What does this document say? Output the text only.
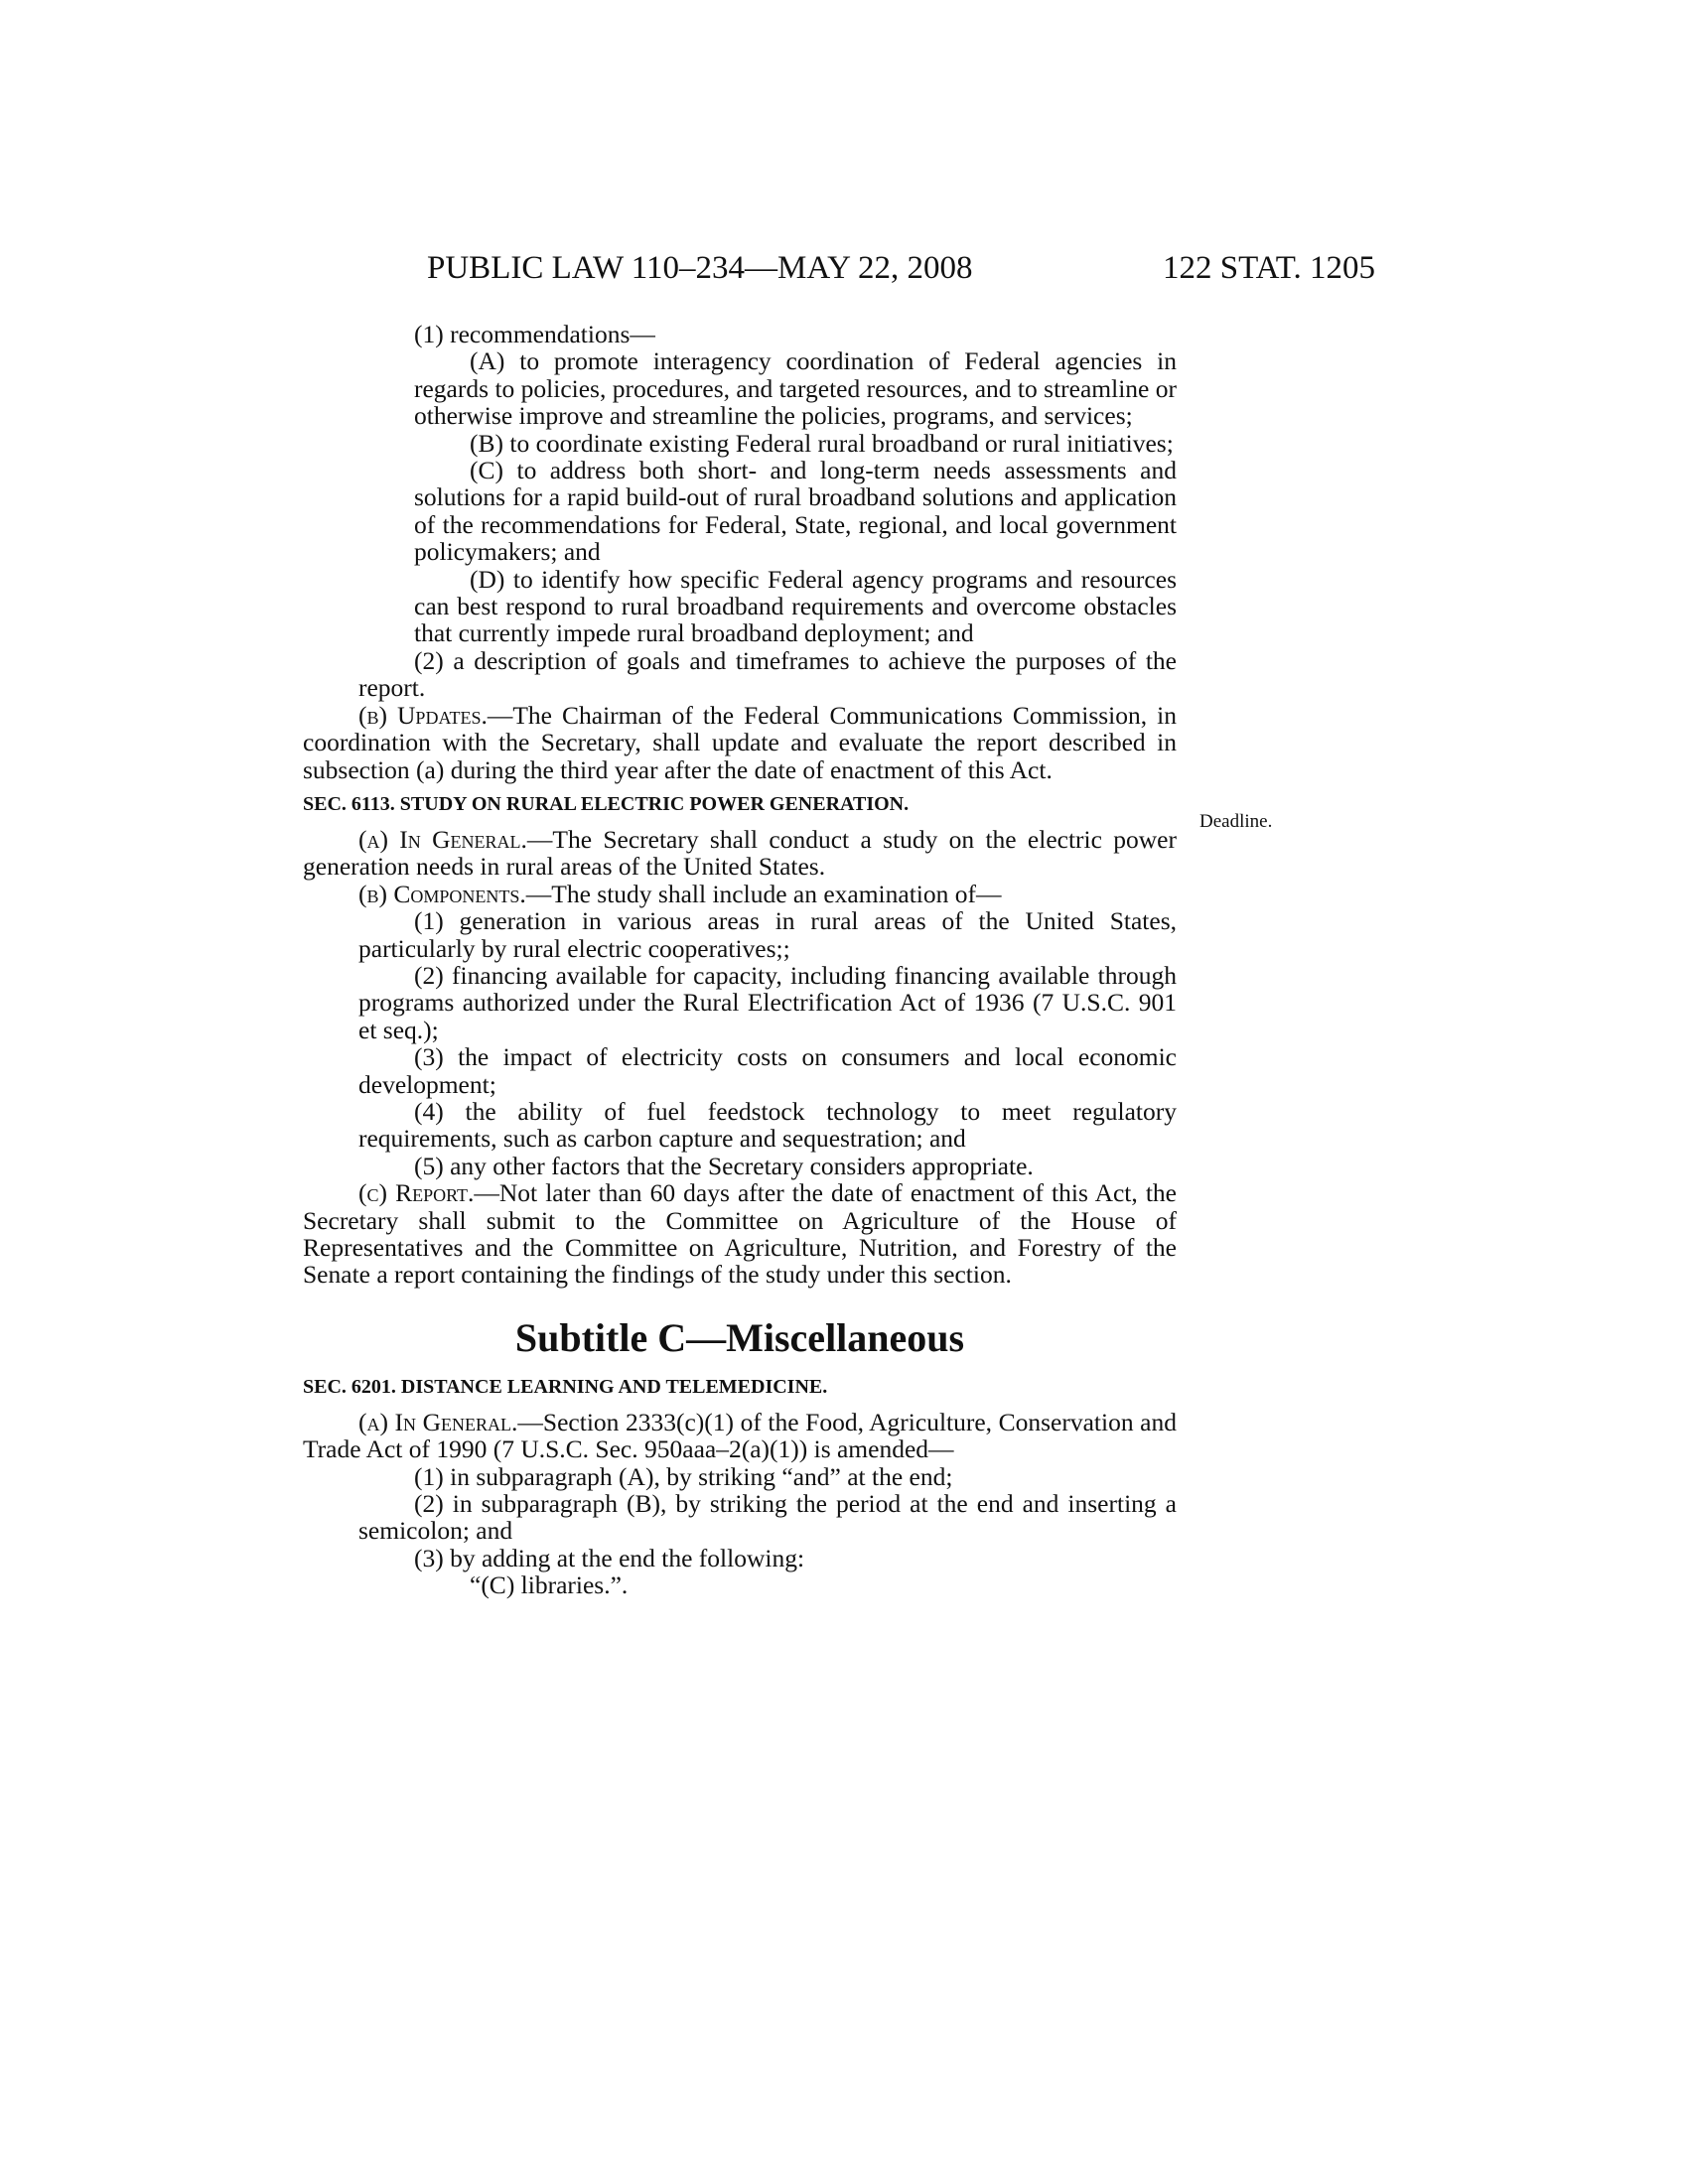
PUBLIC LAW 110–234—MAY 22, 2008	122 STAT. 1205
Deadline.

(1) recommendations—

(A) to promote interagency coordination of Federal agencies in regards to policies, procedures, and targeted resources, and to streamline or otherwise improve and streamline the policies, programs, and services;

(B) to coordinate existing Federal rural broadband or rural initiatives;

(C) to address both short- and long-term needs assessments and solutions for a rapid build-out of rural broadband solutions and application of the recommendations for Federal, State, regional, and local government policymakers; and

(D) to identify how specific Federal agency programs and resources can best respond to rural broadband requirements and overcome obstacles that currently impede rural broadband deployment; and

(2) a description of goals and timeframes to achieve the purposes of the report.

(b) Updates.—The Chairman of the Federal Communications Commission, in coordination with the Secretary, shall update and evaluate the report described in subsection (a) during the third year after the date of enactment of this Act.

SEC. 6113. STUDY ON RURAL ELECTRIC POWER GENERATION.

(a) In General.—The Secretary shall conduct a study on the electric power generation needs in rural areas of the United States.

(b) Components.—The study shall include an examination of—

(1) generation in various areas in rural areas of the United States, particularly by rural electric cooperatives;;

(2) financing available for capacity, including financing available through programs authorized under the Rural Electrification Act of 1936 (7 U.S.C. 901 et seq.);

(3) the impact of electricity costs on consumers and local economic development;

(4) the ability of fuel feedstock technology to meet regulatory requirements, such as carbon capture and sequestration; and

(5) any other factors that the Secretary considers appropriate.

(c) Report.—Not later than 60 days after the date of enactment of this Act, the Secretary shall submit to the Committee on Agriculture of the House of Representatives and the Committee on Agriculture, Nutrition, and Forestry of the Senate a report containing the findings of the study under this section.

Subtitle C—Miscellaneous

SEC. 6201. DISTANCE LEARNING AND TELEMEDICINE.

(a) In General.—Section 2333(c)(1) of the Food, Agriculture, Conservation and Trade Act of 1990 (7 U.S.C. Sec. 950aaa–2(a)(1)) is amended—

(1) in subparagraph (A), by striking “and” at the end;

(2) in subparagraph (B), by striking the period at the end and inserting a semicolon; and

(3) by adding at the end the following:

“(C) libraries.”.
